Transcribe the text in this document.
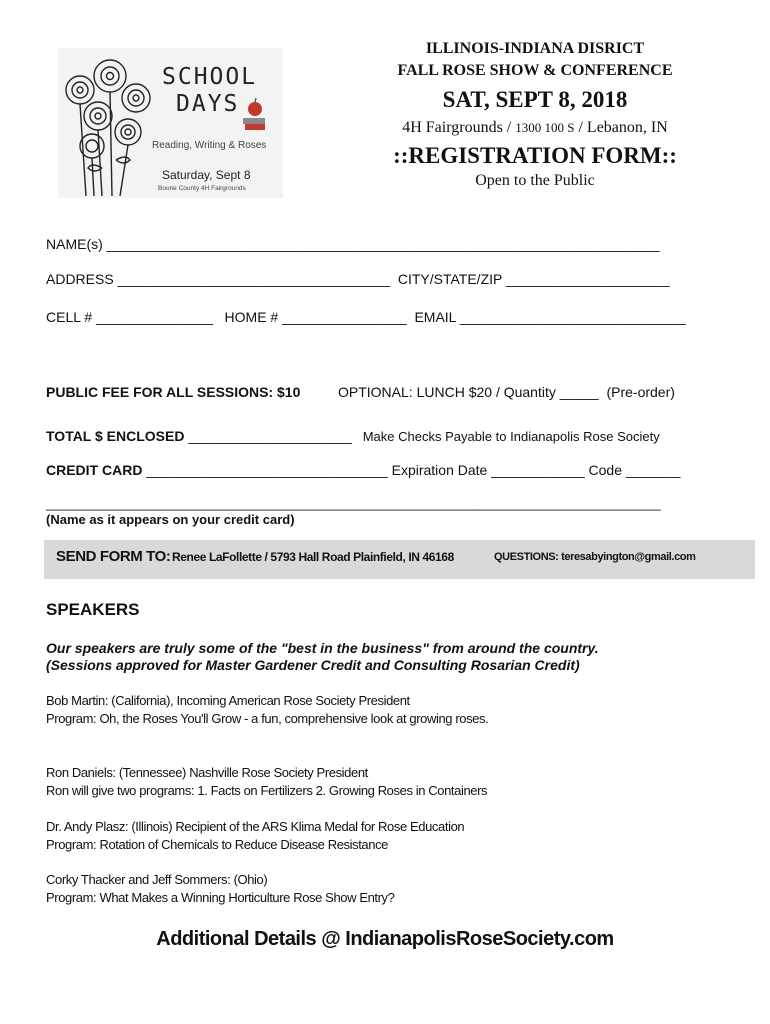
SCHOOL
DAYS
Reading, Writing & Roses
Saturday, Sept 8
Boone County 4H Fairgrounds
ILLINOIS-INDIANA DISRICT
FALL ROSE SHOW & CONFERENCE
SAT, SEPT 8, 2018
4H Fairgrounds / 1300 100 S / Lebanon, IN
::REGISTRATION FORM::
Open to the Public
NAME(s) _______________________________________________________________________
ADDRESS ___________________________________  CITY/STATE/ZIP _____________________
CELL # _______________   HOME # ________________  EMAIL _____________________________
PUBLIC FEE FOR ALL SESSIONS: $10	OPTIONAL: LUNCH $20 / Quantity _____  (Pre-order)
TOTAL $ ENCLOSED _____________________   Make Checks Payable to Indianapolis Rose Society
CREDIT CARD _______________________________ Expiration Date ____________ Code _______
_____________________________________________________________________________________
(Name as it appears on your credit card)
SEND FORM TO:
Renee LaFollette / 5793 Hall Road Plainfield, IN 46168	QUESTIONS: teresabyington@gmail.com
SPEAKERS
Our speakers are truly some of the "best in the business" from around the country.
(Sessions approved for Master Gardener Credit and Consulting Rosarian Credit)
Bob Martin: (California), Incoming American Rose Society President
Program: Oh, the Roses You'll Grow - a fun, comprehensive look at growing roses.
Ron Daniels: (Tennessee) Nashville Rose Society President
Ron will give two programs: 1. Facts on Fertilizers 2. Growing Roses in Containers
Dr. Andy Plasz: (Illinois) Recipient of the ARS Klima Medal for Rose Education
Program: Rotation of Chemicals to Reduce Disease Resistance
Corky Thacker and Jeff Sommers: (Ohio)
Program: What Makes a Winning Horticulture Rose Show Entry?
Additional Details @ IndianapolisRoseSociety.com
